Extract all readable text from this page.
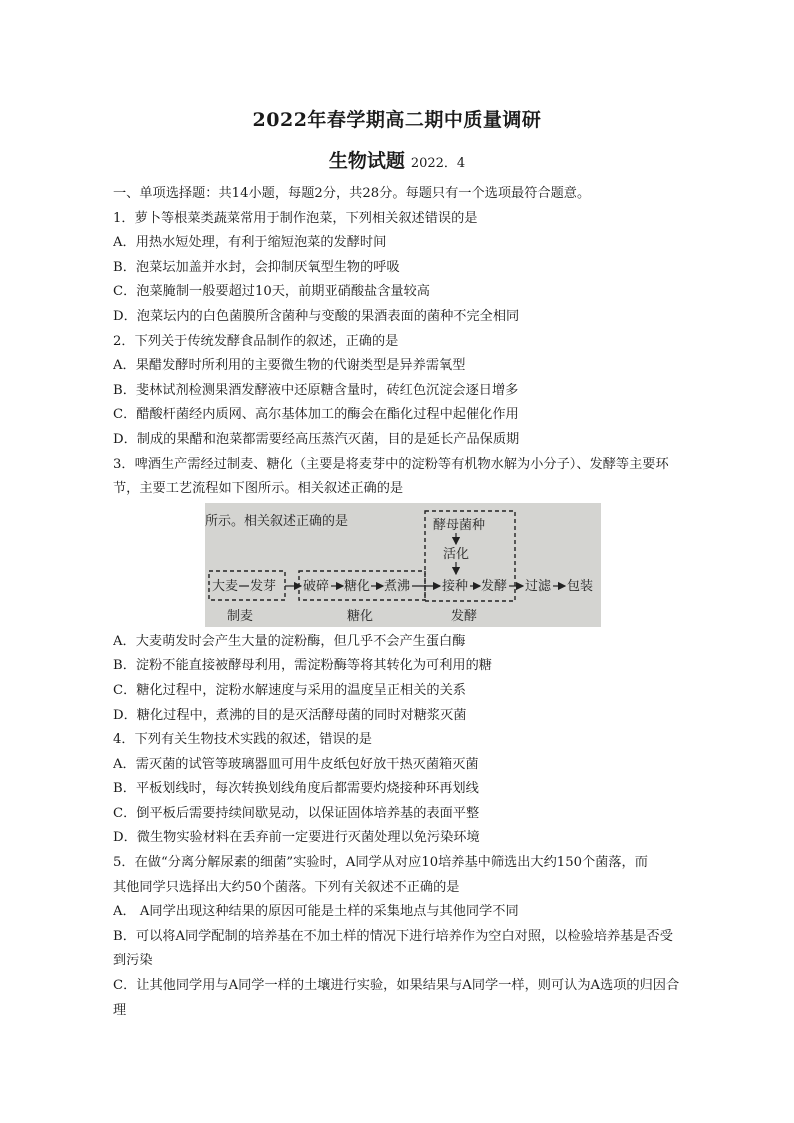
2022年春学期高二期中质量调研
生物试题 2022．4
一、单项选择题：共14小题，每题2分，共28分。每题只有一个选项最符合题意。
1．萝卜等根菜类蔬菜常用于制作泡菜，下列相关叙述错误的是
A．用热水短处理，有利于缩短泡菜的发酵时间
B．泡菜坛加盖并水封，会抑制厌氧型生物的呼吸
C．泡菜腌制一般要超过10天，前期亚硝酸盐含量较高
D．泡菜坛内的白色菌膜所含菌种与变酸的果酒表面的菌种不完全相同
2．下列关于传统发酵食品制作的叙述，正确的是
A．果醋发酵时所利用的主要微生物的代谢类型是异养需氧型
B．斐林试剂检测果酒发酵液中还原糖含量时，砖红色沉淀会逐日增多
C．醋酸杆菌经内质网、高尔基体加工的酶会在酯化过程中起催化作用
D．制成的果醋和泡菜都需要经高压蒸汽灭菌，目的是延长产品保质期
3．啤酒生产需经过制麦、糖化（主要是将麦芽中的淀粉等有机物水解为小分子）、发酵等主要环
节，主要工艺流程如下图所示。相关叙述正确的是
所示。相关叙述正确的是	酵母菌种
活化
大麦 发芽 破碎 糖化 煮沸 接种 发酵 过滤 包装
制麦	糖化	发酵
A．大麦萌发时会产生大量的淀粉酶，但几乎不会产生蛋白酶
B．淀粉不能直接被酵母利用，需淀粉酶等将其转化为可利用的糖
C．糖化过程中，淀粉水解速度与采用的温度呈正相关的关系
D．糖化过程中，煮沸的目的是灭活酵母菌的同时对糖浆灭菌
4．下列有关生物技术实践的叙述，错误的是
A．需灭菌的试管等玻璃器皿可用牛皮纸包好放干热灭菌箱灭菌
B．平板划线时，每次转换划线角度后都需要灼烧接种环再划线
C．倒平板后需要持续间歇晃动，以保证固体培养基的表面平整
D．微生物实验材料在丢弃前一定要进行灭菌处理以免污染环境
5．在做“分离分解尿素的细菌”实验时，A同学从对应10培养基中筛选出大约150个菌落，而
其他同学只选择出大约50个菌落。下列有关叙述不正确的是
A． A同学出现这种结果的原因可能是土样的采集地点与其他同学不同
B．可以将A同学配制的培养基在不加土样的情况下进行培养作为空白对照，以检验培养基是否受到污染
C．让其他同学用与A同学一样的土壤进行实验，如果结果与A同学一样，则可认为A选项的归因合理
